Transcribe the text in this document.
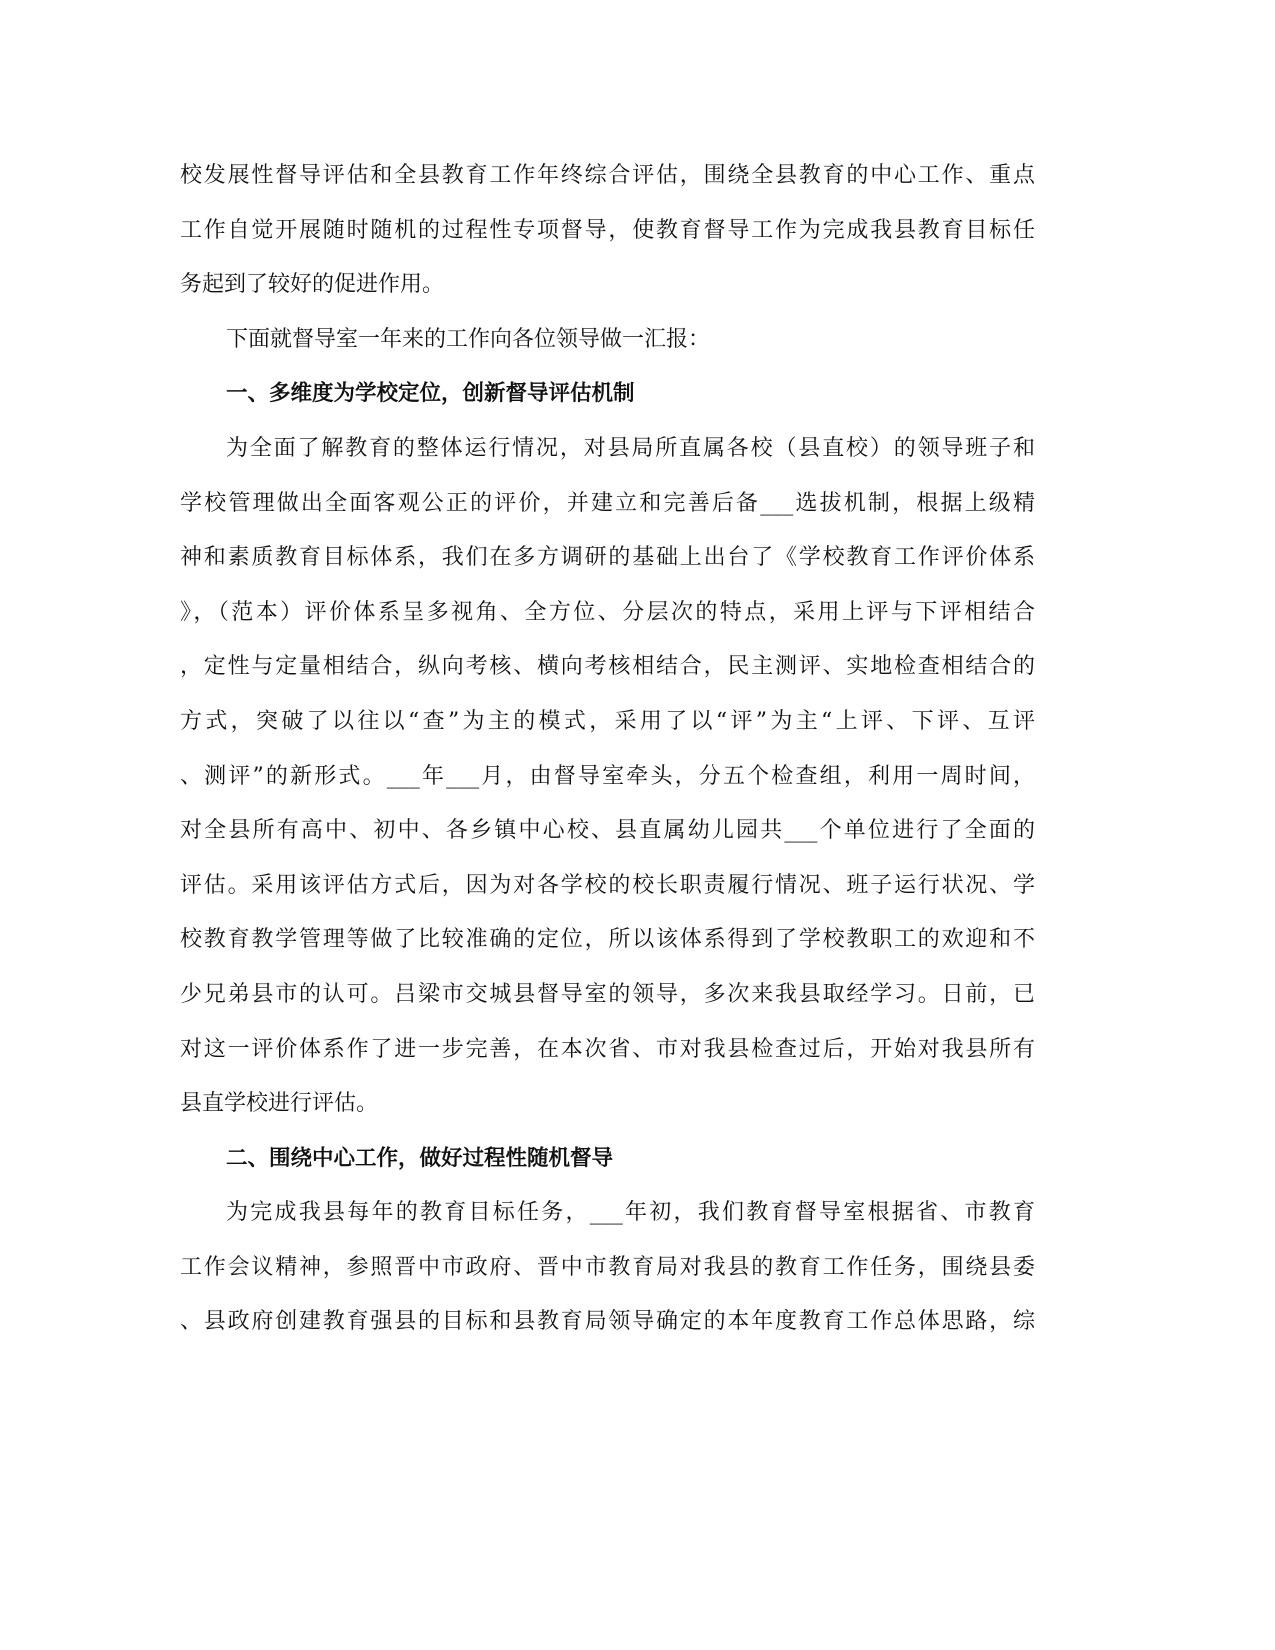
校发展性督导评估和全县教育工作年终综合评估，围绕全县教育的中心工作、重点
工作自觉开展随时随机的过程性专项督导，使教育督导工作为完成我县教育目标任
务起到了较好的促进作用。
下面就督导室一年来的工作向各位领导做一汇报：
一、多维度为学校定位，创新督导评估机制
为全面了解教育的整体运行情况，对县局所直属各校（县直校）的领导班子和
学校管理做出全面客观公正的评价，并建立和完善后备___选拔机制，根据上级精
神和素质教育目标体系，我们在多方调研的基础上出台了《学校教育工作评价体系
》，（范本）评价体系呈多视角、全方位、分层次的特点，采用上评与下评相结合
，定性与定量相结合，纵向考核、横向考核相结合，民主测评、实地检查相结合的
方式，突破了以往以“查”为主的模式，采用了以“评”为主“上评、下评、互评
、测评”的新形式。___年___月，由督导室牵头，分五个检查组，利用一周时间，
对全县所有高中、初中、各乡镇中心校、县直属幼儿园共___个单位进行了全面的
评估。采用该评估方式后，因为对各学校的校长职责履行情况、班子运行状况、学
校教育教学管理等做了比较准确的定位，所以该体系得到了学校教职工的欢迎和不
少兄弟县市的认可。吕梁市交城县督导室的领导，多次来我县取经学习。日前，已
对这一评价体系作了进一步完善，在本次省、市对我县检查过后，开始对我县所有
县直学校进行评估。
二、围绕中心工作，做好过程性随机督导
为完成我县每年的教育目标任务，___年初，我们教育督导室根据省、市教育
工作会议精神，参照晋中市政府、晋中市教育局对我县的教育工作任务，围绕县委
、县政府创建教育强县的目标和县教育局领导确定的本年度教育工作总体思路，综
